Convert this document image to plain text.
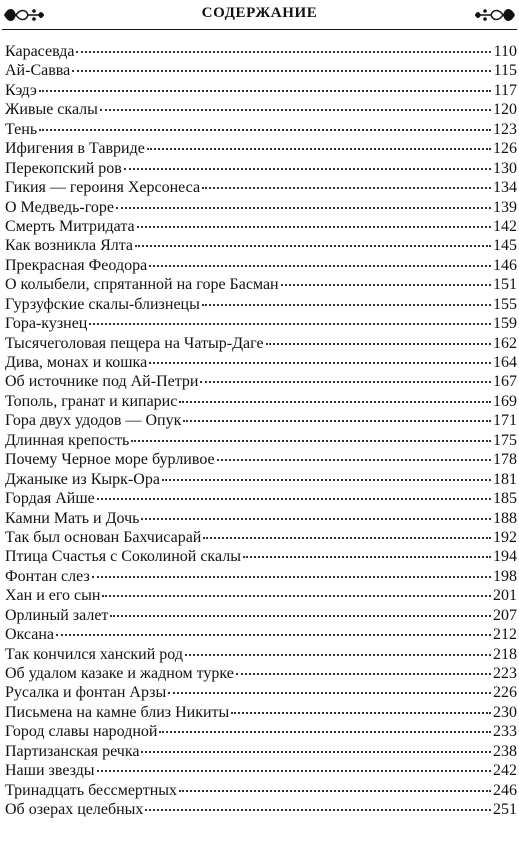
СОДЕРЖАНИЕ
Карасевда	110
Ай-Савва	115
Кэдэ	117
Живые скалы	120
Тень	123
Ифигения в Тавриде	126
Перекопский ров	130
Гикия — героиня Херсонеса	134
О Медведь-горе	139
Смерть Митридата	142
Как возникла Ялта	145
Прекрасная Феодора	146
О колыбели, спрятанной на горе Басман	151
Гурзуфские скалы-близнецы	155
Гора-кузнец	159
Тысячеголовая пещера на Чатыр-Даге	162
Дива, монах и кошка	164
Об источнике под Ай-Петри	167
Тополь, гранат и кипарис	169
Гора двух удодов — Опук	171
Длинная крепость	175
Почему Черное море бурливое	178
Джаныке из Кырк-Ора	181
Гордая Айше	185
Камни Мать и Дочь	188
Так был основан Бахчисарай	192
Птица Счастья с Соколиной скалы	194
Фонтан слез	198
Хан и его сын	201
Орлиный залет	207
Оксана	212
Так кончился ханский род	218
Об удалом казаке и жадном турке	223
Русалка и фонтан Арзы	226
Письмена на камне близ Никиты	230
Город славы народной	233
Партизанская речка	238
Наши звезды	242
Тринадцать бессмертных	246
Об озерах целебных	251
